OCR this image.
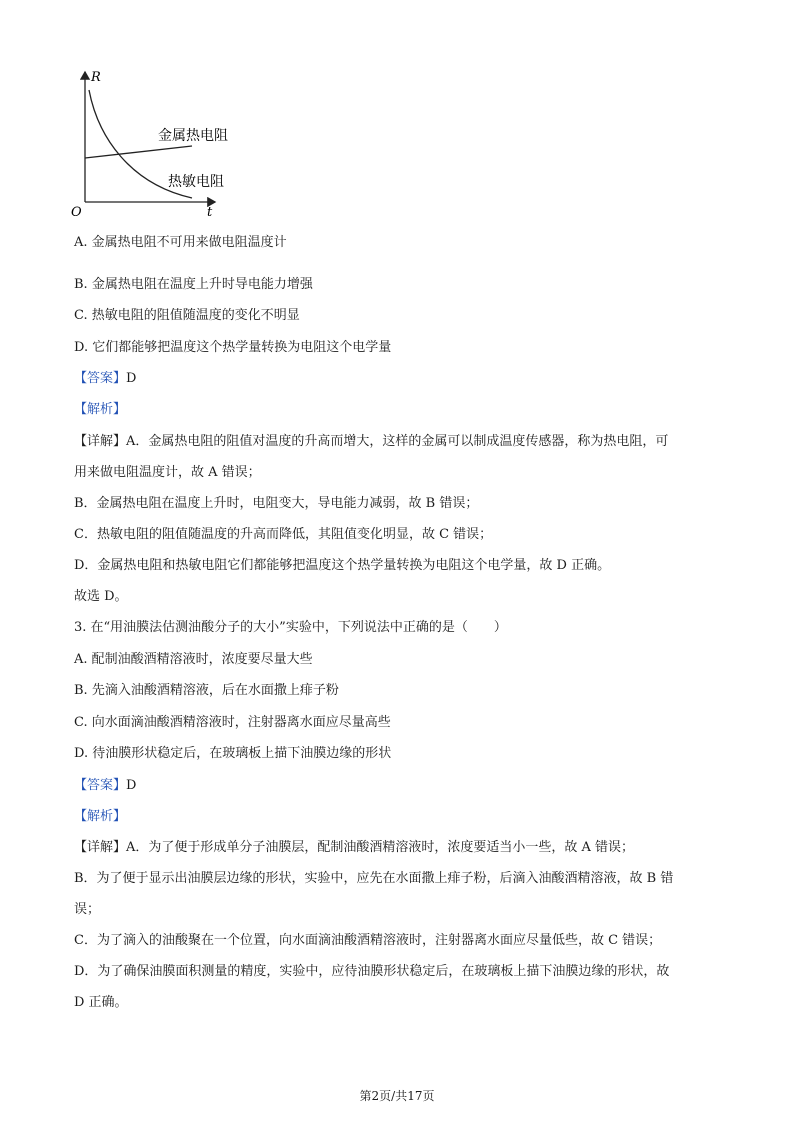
R
t
O
金属热电阻
热敏电阻
A. 金属热电阻不可用来做电阻温度计
B. 金属热电阻在温度上升时导电能力增强
C. 热敏电阻的阻值随温度的变化不明显
D. 它们都能够把温度这个热学量转换为电阻这个电学量
【答案】D
【解析】
【详解】A．金属热电阻的阻值对温度的升高而增大，这样的金属可以制成温度传感器，称为热电阻，可
用来做电阻温度计，故 A 错误；
B．金属热电阻在温度上升时，电阻变大，导电能力减弱，故 B 错误；
C．热敏电阻的阻值随温度的升高而降低，其阻值变化明显，故 C 错误；
D．金属热电阻和热敏电阻它们都能够把温度这个热学量转换为电阻这个电学量，故 D 正确。
故选 D。
3. 在“用油膜法估测油酸分子的大小”实验中，下列说法中正确的是（　　）
A. 配制油酸酒精溶液时，浓度要尽量大些
B. 先滴入油酸酒精溶液，后在水面撒上痱子粉
C. 向水面滴油酸酒精溶液时，注射器离水面应尽量高些
D. 待油膜形状稳定后，在玻璃板上描下油膜边缘的形状
【答案】D
【解析】
【详解】A．为了便于形成单分子油膜层，配制油酸酒精溶液时，浓度要适当小一些，故 A 错误；
B．为了便于显示出油膜层边缘的形状，实验中，应先在水面撒上痱子粉，后滴入油酸酒精溶液，故 B 错
误；
C．为了滴入的油酸聚在一个位置，向水面滴油酸酒精溶液时，注射器离水面应尽量低些，故 C 错误；
D．为了确保油膜面积测量的精度，实验中，应待油膜形状稳定后，在玻璃板上描下油膜边缘的形状，故
D 正确。
第2页/共17页
